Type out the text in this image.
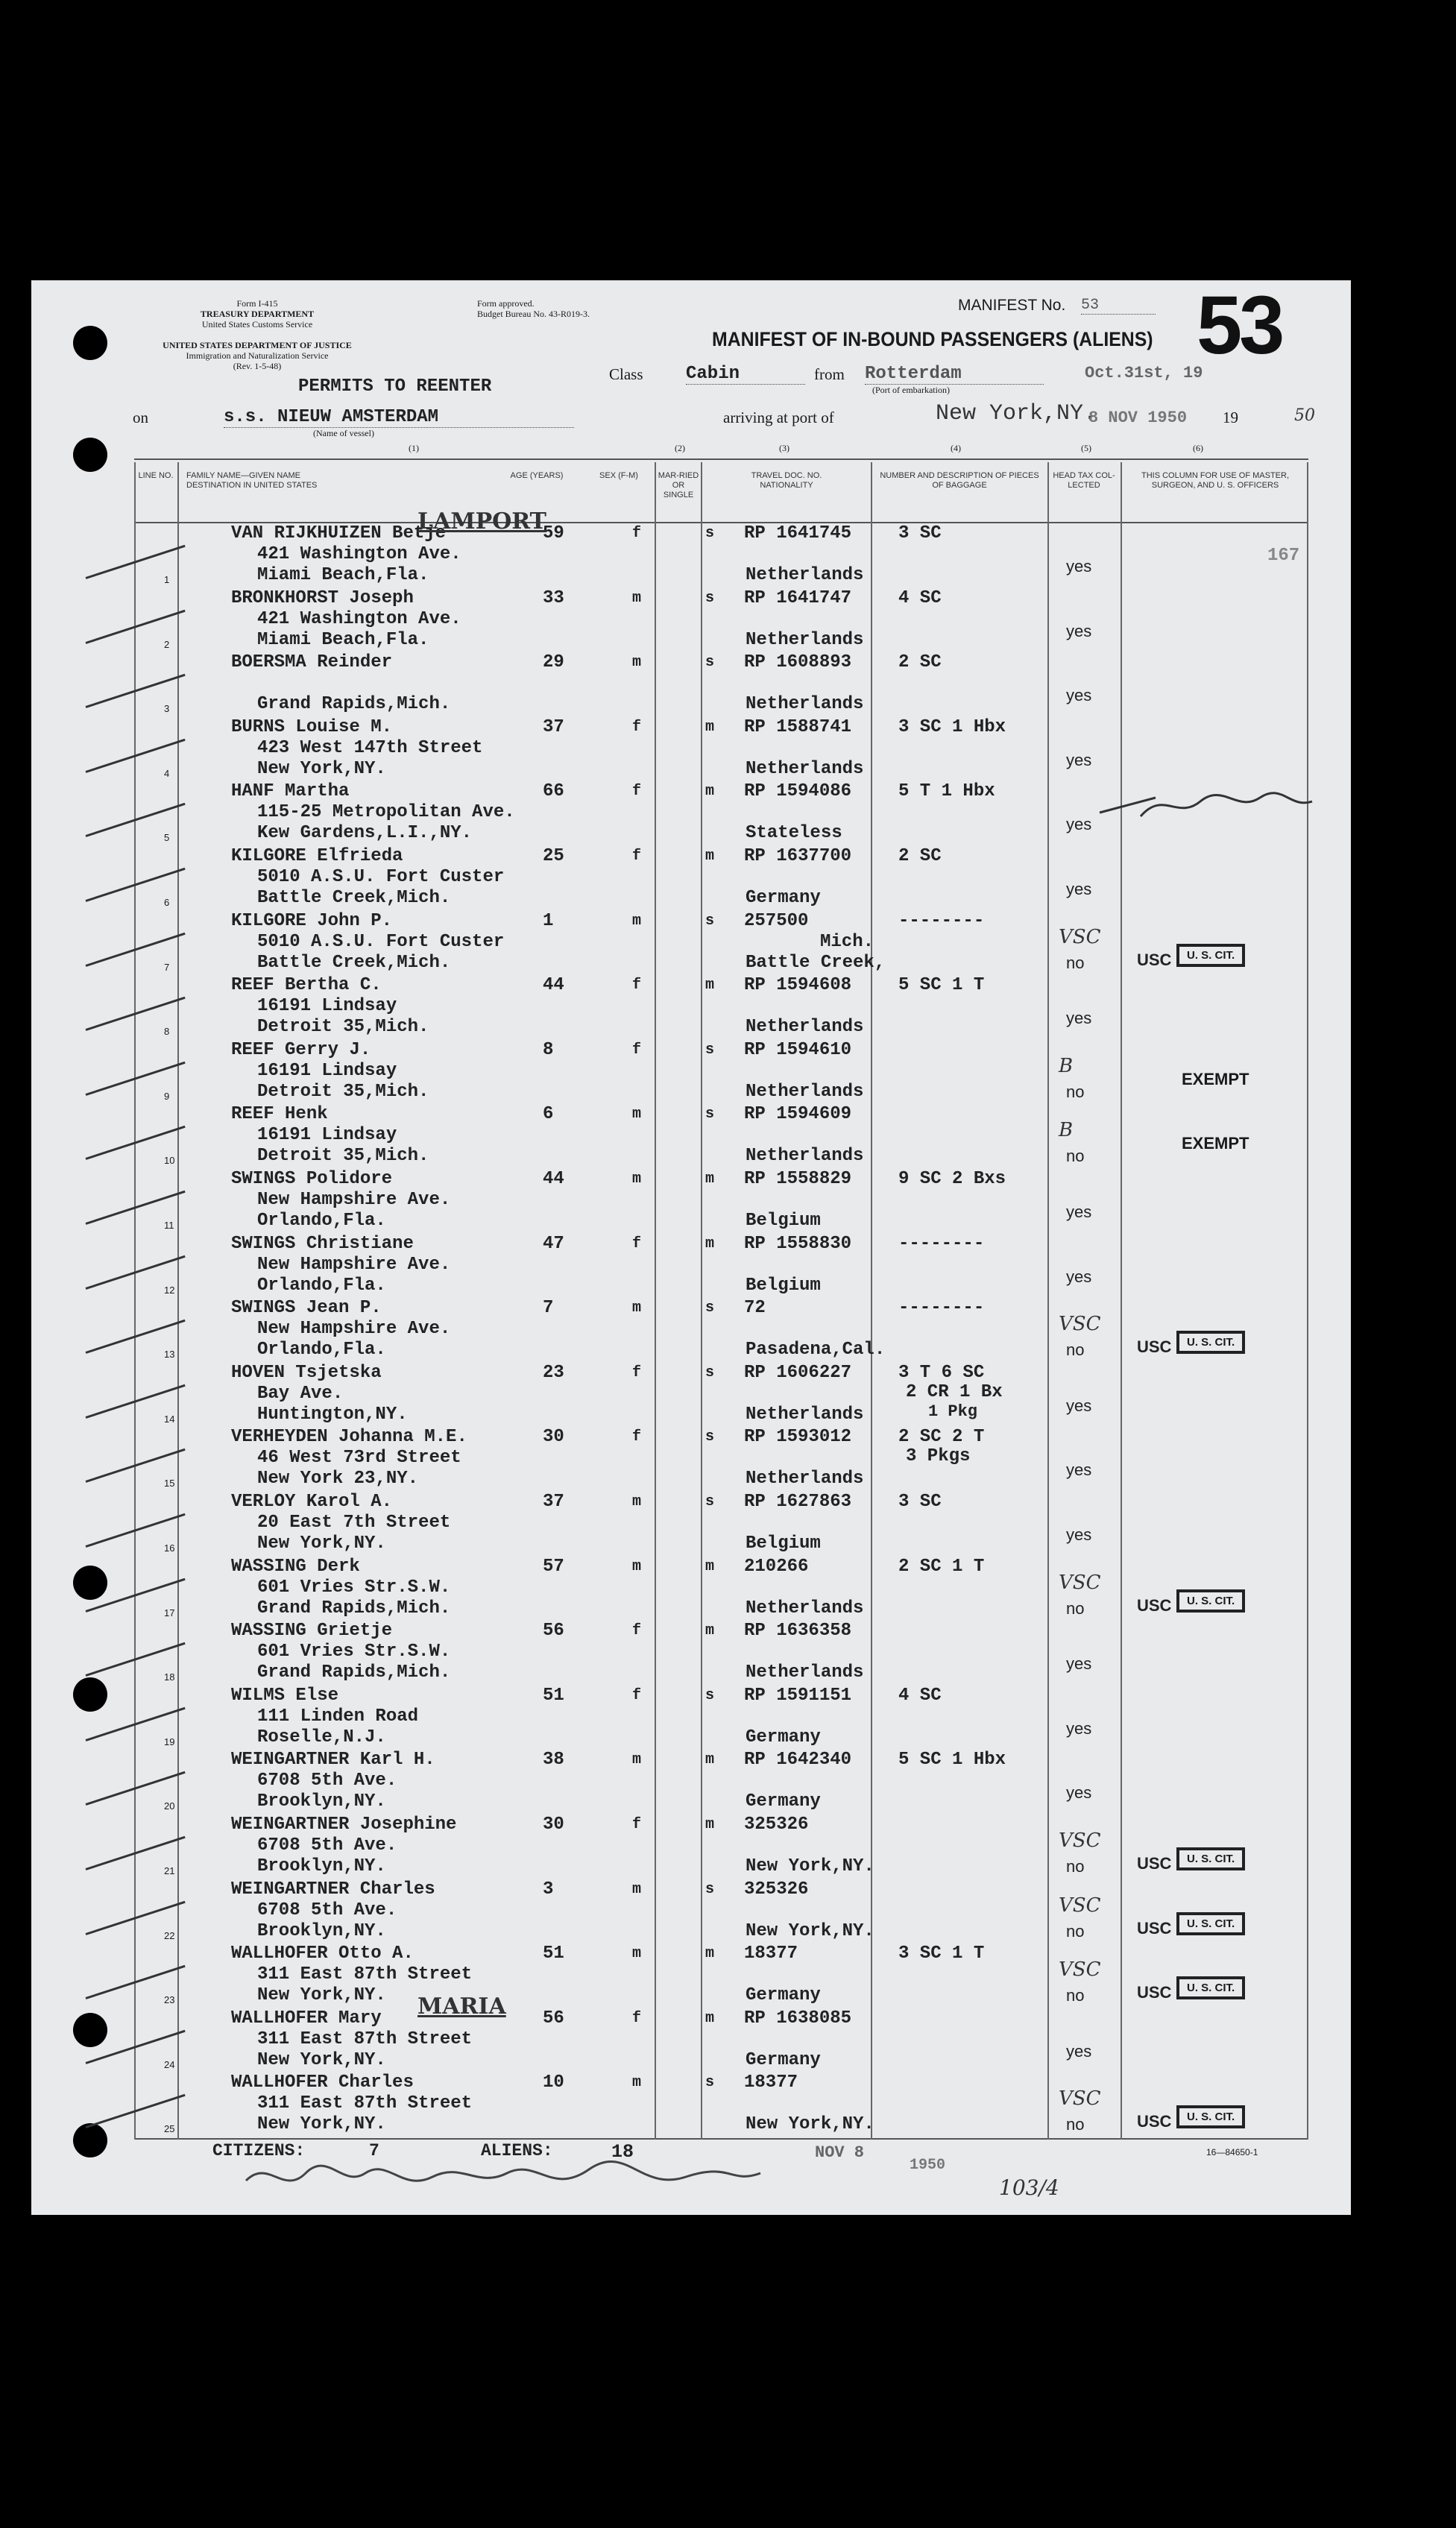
Form I-415
TREASURY DEPARTMENT
United States Customs Service
UNITED STATES DEPARTMENT OF JUSTICE
Immigration and Naturalization Service
(Rev. 1-5-48)
Form approved.
Budget Bureau No. 43-R019-3.	MANIFEST No. 53	53
MANIFEST OF IN-BOUND PASSENGERS (ALIENS)
PERMITS TO REENTER
Class Cabin	from Rotterdam
(Port of embarkation)
Oct.31st, 19
on	s.s. NIEUW AMSTERDAM
(Name of vessel)
arriving at port of	New York,NY.
8 NOV 1950 19	50
(1)	(2)	(3)	(4)	(5)	(6)
LINE NO.	FAMILY NAME—GIVEN NAME DESTINATION IN UNITED STATES
AGE (YEARS)	SEX (F-M)	MAR-RIED OR SINGLE
TRAVEL DOC. NO. NATIONALITY
NUMBER AND DESCRIPTION OF PIECES OF BAGGAGE
HEAD TAX COL-LECTED
THIS COLUMN FOR USE OF MASTER, SURGEON, AND U. S. OFFICERS
1
VAN RIJKHUIZEN Betje
421 Washington Ave.
Miami Beach,Fla.
59	f	s RP 1641745	3 SC
Netherlands	yes
LAMPORT
167
2
BRONKHORST Joseph
421 Washington Ave.
Miami Beach,Fla.
33	m	s RP 1641747	4 SC
Netherlands	yes
3
BOERSMA Reinder
Grand Rapids,Mich.
29	m	s RP 1608893	2 SC
Netherlands	yes
4
BURNS Louise M.
423 West 147th Street
New York,NY.
37	f	m RP 1588741	3 SC 1 Hbx
Netherlands	yes
5
HANF Martha
115-25 Metropolitan Ave.
Kew Gardens,L.I.,NY.
66	f	m RP 1594086	5 T 1 Hbx
Stateless	yes
6
KILGORE Elfrieda
5010 A.S.U. Fort Custer
Battle Creek,Mich.
25	f	m RP 1637700	2 SC
Germany	yes
7
KILGORE John P.
5010 A.S.U. Fort Custer
Battle Creek,Mich.
1	m	s 257500	--------
Battle Creek,
Mich.
no
VSC
USC	U. S. CIT.
8
REEF Bertha C.
16191 Lindsay
Detroit 35,Mich.
44	f	m RP 1594608	5 SC 1 T
Netherlands	yes
9
REEF Gerry J.
16191 Lindsay
Detroit 35,Mich.
8	f	s RP 1594610
Netherlands	no
B
EXEMPT
10
REEF Henk
16191 Lindsay
Detroit 35,Mich.
6	m	s RP 1594609
Netherlands	no
B
EXEMPT
11
SWINGS Polidore
New Hampshire Ave.
Orlando,Fla.
44	m	m RP 1558829	9 SC 2 Bxs
Belgium	yes
12
SWINGS Christiane
New Hampshire Ave.
Orlando,Fla.
47	f	m RP 1558830	--------
Belgium	yes
13
SWINGS Jean P.
New Hampshire Ave.
Orlando,Fla.
7	m	s 72	--------
Pasadena,Cal.	no
VSC
USC	U. S. CIT.
14
HOVEN Tsjetska
Bay Ave.
Huntington,NY.
23	f	s RP 1606227	3 T 6 SC
2 CR 1 Bx
1 Pkg
Netherlands	yes
15
VERHEYDEN Johanna M.E.
46 West 73rd Street
New York 23,NY.
30	f	s RP 1593012	2 SC 2 T
3 Pkgs
Netherlands	yes
16
VERLOY Karol A.
20 East 7th Street
New York,NY.
37	m	s RP 1627863	3 SC
Belgium	yes
17
WASSING Derk
601 Vries Str.S.W.
Grand Rapids,Mich.
57	m	m 210266	2 SC 1 T
Netherlands	no
VSC
USC	U. S. CIT.
18
WASSING Grietje
601 Vries Str.S.W.
Grand Rapids,Mich.
56	f	m RP 1636358
Netherlands	yes
19
WILMS Else
111 Linden Road
Roselle,N.J.
51	f	s RP 1591151	4 SC
Germany	yes
20
WEINGARTNER Karl H.
6708 5th Ave.
Brooklyn,NY.
38	m	m RP 1642340	5 SC 1 Hbx
Germany	yes
21
WEINGARTNER Josephine
6708 5th Ave.
Brooklyn,NY.
30	f	m 325326
New York,NY.	no
VSC
USC	U. S. CIT.
22
WEINGARTNER Charles
6708 5th Ave.
Brooklyn,NY.
3	m	s 325326
New York,NY.	no
VSC
USC	U. S. CIT.
23
WALLHOFER Otto A.
311 East 87th Street
New York,NY.
51	m	m 18377	3 SC 1 T
Germany	no
VSC
USC	U. S. CIT.
24
WALLHOFER Mary
311 East 87th Street
New York,NY.
56	f	m RP 1638085
Germany	yes
MARIA
25
WALLHOFER Charles
311 East 87th Street
New York,NY.
10	m	s 18377
New York,NY.	no
VSC
USC	U. S. CIT.
CITIZENS:	7	ALIENS:	18	NOV 8
1950
103/4
16—84650-1
